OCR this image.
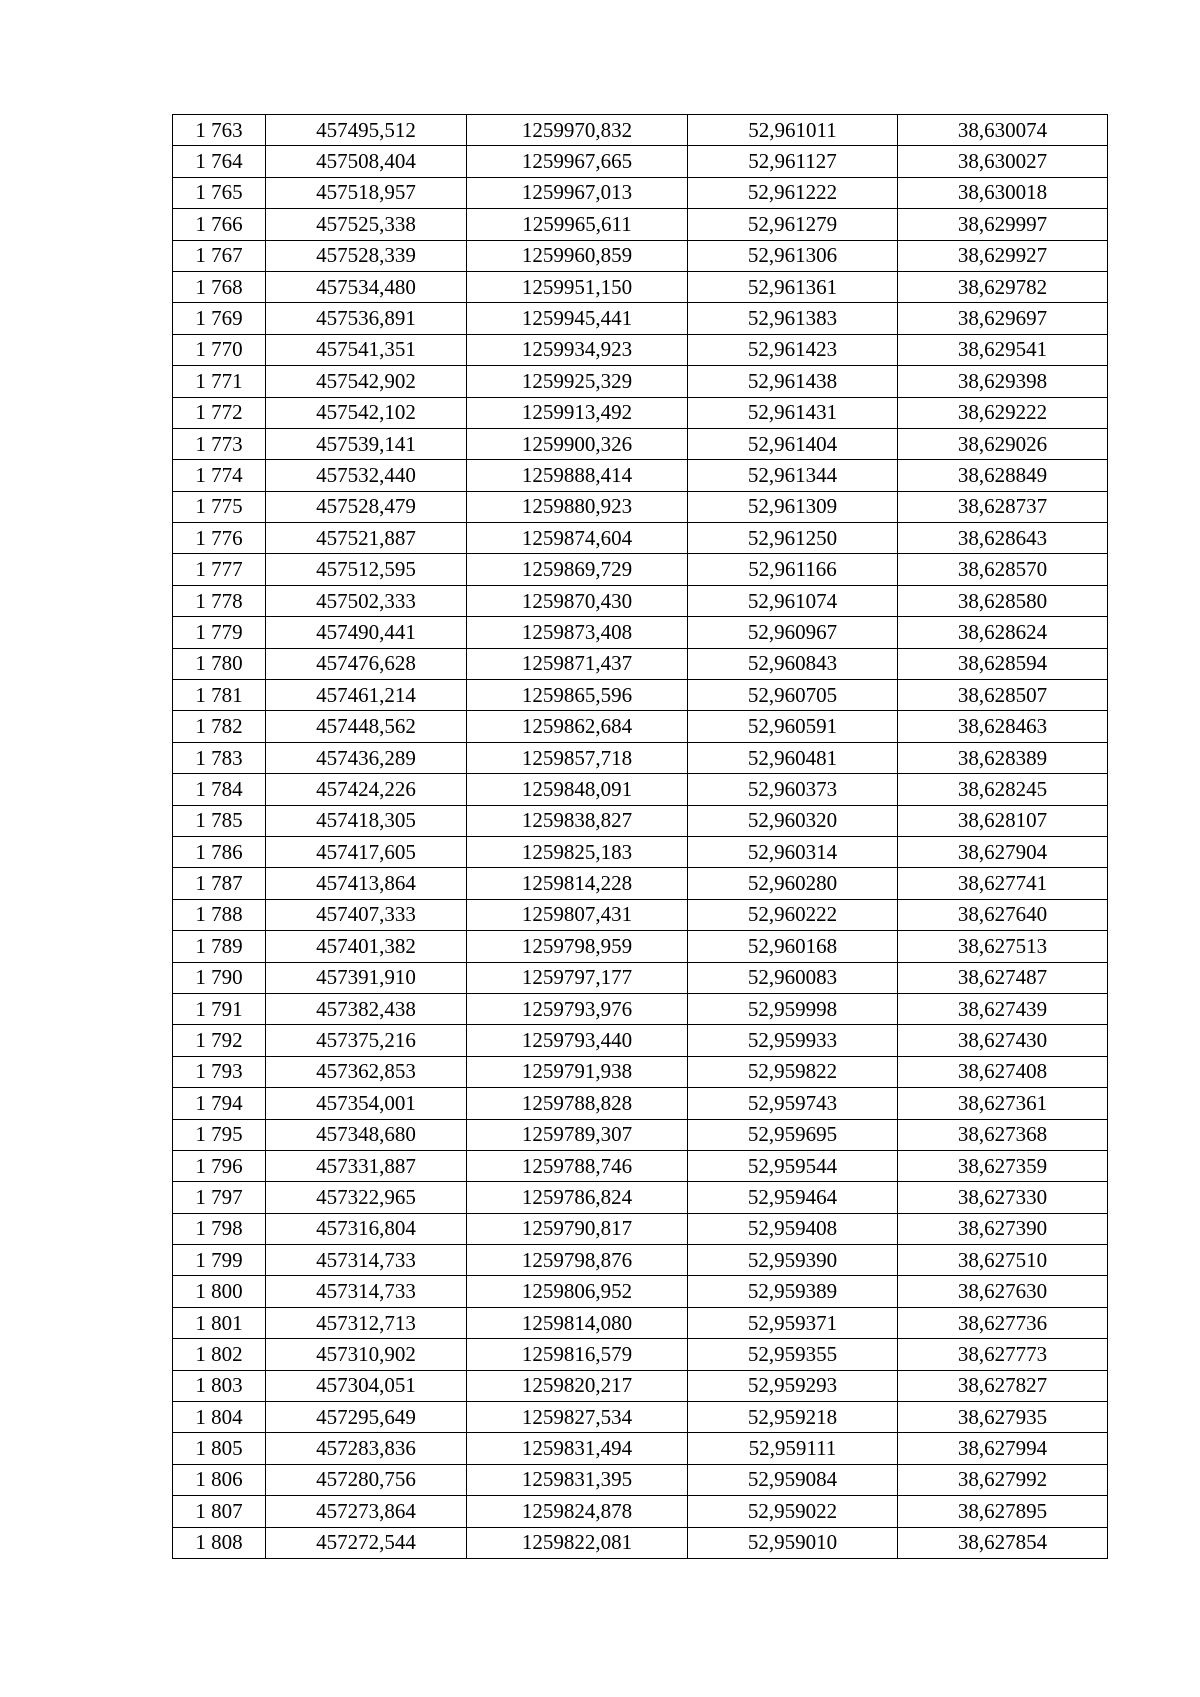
1 763	457495,512	1259970,832	52,961011	38,630074
1 764	457508,404	1259967,665	52,961127	38,630027
1 765	457518,957	1259967,013	52,961222	38,630018
1 766	457525,338	1259965,611	52,961279	38,629997
1 767	457528,339	1259960,859	52,961306	38,629927
1 768	457534,480	1259951,150	52,961361	38,629782
1 769	457536,891	1259945,441	52,961383	38,629697
1 770	457541,351	1259934,923	52,961423	38,629541
1 771	457542,902	1259925,329	52,961438	38,629398
1 772	457542,102	1259913,492	52,961431	38,629222
1 773	457539,141	1259900,326	52,961404	38,629026
1 774	457532,440	1259888,414	52,961344	38,628849
1 775	457528,479	1259880,923	52,961309	38,628737
1 776	457521,887	1259874,604	52,961250	38,628643
1 777	457512,595	1259869,729	52,961166	38,628570
1 778	457502,333	1259870,430	52,961074	38,628580
1 779	457490,441	1259873,408	52,960967	38,628624
1 780	457476,628	1259871,437	52,960843	38,628594
1 781	457461,214	1259865,596	52,960705	38,628507
1 782	457448,562	1259862,684	52,960591	38,628463
1 783	457436,289	1259857,718	52,960481	38,628389
1 784	457424,226	1259848,091	52,960373	38,628245
1 785	457418,305	1259838,827	52,960320	38,628107
1 786	457417,605	1259825,183	52,960314	38,627904
1 787	457413,864	1259814,228	52,960280	38,627741
1 788	457407,333	1259807,431	52,960222	38,627640
1 789	457401,382	1259798,959	52,960168	38,627513
1 790	457391,910	1259797,177	52,960083	38,627487
1 791	457382,438	1259793,976	52,959998	38,627439
1 792	457375,216	1259793,440	52,959933	38,627430
1 793	457362,853	1259791,938	52,959822	38,627408
1 794	457354,001	1259788,828	52,959743	38,627361
1 795	457348,680	1259789,307	52,959695	38,627368
1 796	457331,887	1259788,746	52,959544	38,627359
1 797	457322,965	1259786,824	52,959464	38,627330
1 798	457316,804	1259790,817	52,959408	38,627390
1 799	457314,733	1259798,876	52,959390	38,627510
1 800	457314,733	1259806,952	52,959389	38,627630
1 801	457312,713	1259814,080	52,959371	38,627736
1 802	457310,902	1259816,579	52,959355	38,627773
1 803	457304,051	1259820,217	52,959293	38,627827
1 804	457295,649	1259827,534	52,959218	38,627935
1 805	457283,836	1259831,494	52,959111	38,627994
1 806	457280,756	1259831,395	52,959084	38,627992
1 807	457273,864	1259824,878	52,959022	38,627895
1 808	457272,544	1259822,081	52,959010	38,627854
